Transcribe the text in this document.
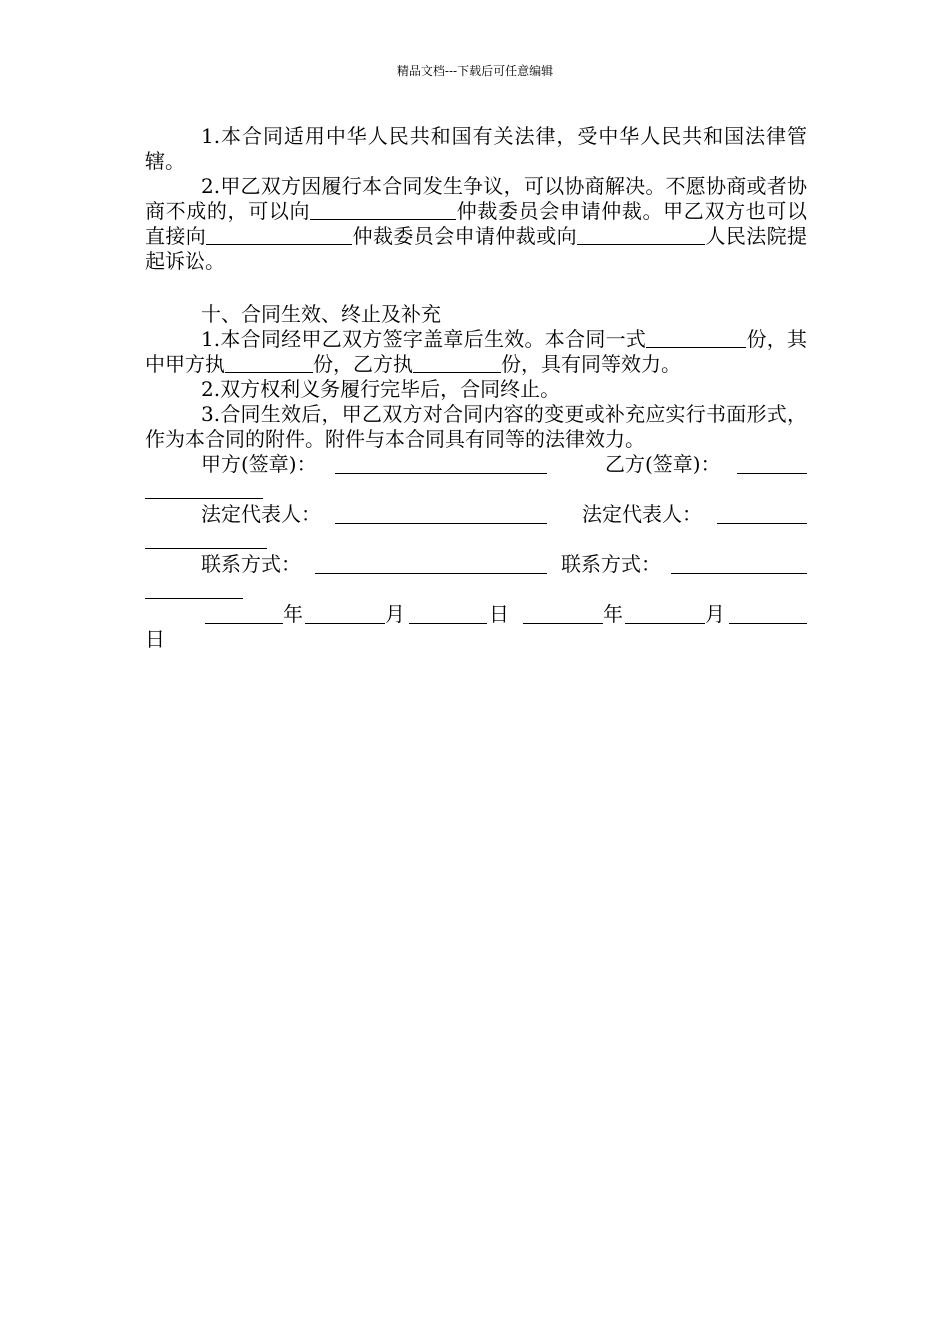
精品文档---下载后可任意编辑

1.本合同适用中华人民共和国有关法律，受中华人民共和国法律管辖。

2.甲乙双方因履行本合同发生争议，可以协商解决。不愿协商或者协商不成的，可以向	仲裁委员会申请仲裁。甲乙双方也可以直接向	仲裁委员会申请仲裁或向	人民法院提起诉讼。

十、合同生效、终止及补充

1.本合同经甲乙双方签字盖章后生效。本合同一式	份，其中甲方执	份，乙方执	份，具有同等效力。

2.双方权利义务履行完毕后，合同终止。

3.合同生效后，甲乙双方对合同内容的变更或补充应实行书面形式，作为本合同的附件。附件与本合同具有同等的法律效力。

甲方(签章)：	乙方(签章)：
法定代表人：	法定代表人：
联系方式：	联系方式：
年	月	日	年	月
日
